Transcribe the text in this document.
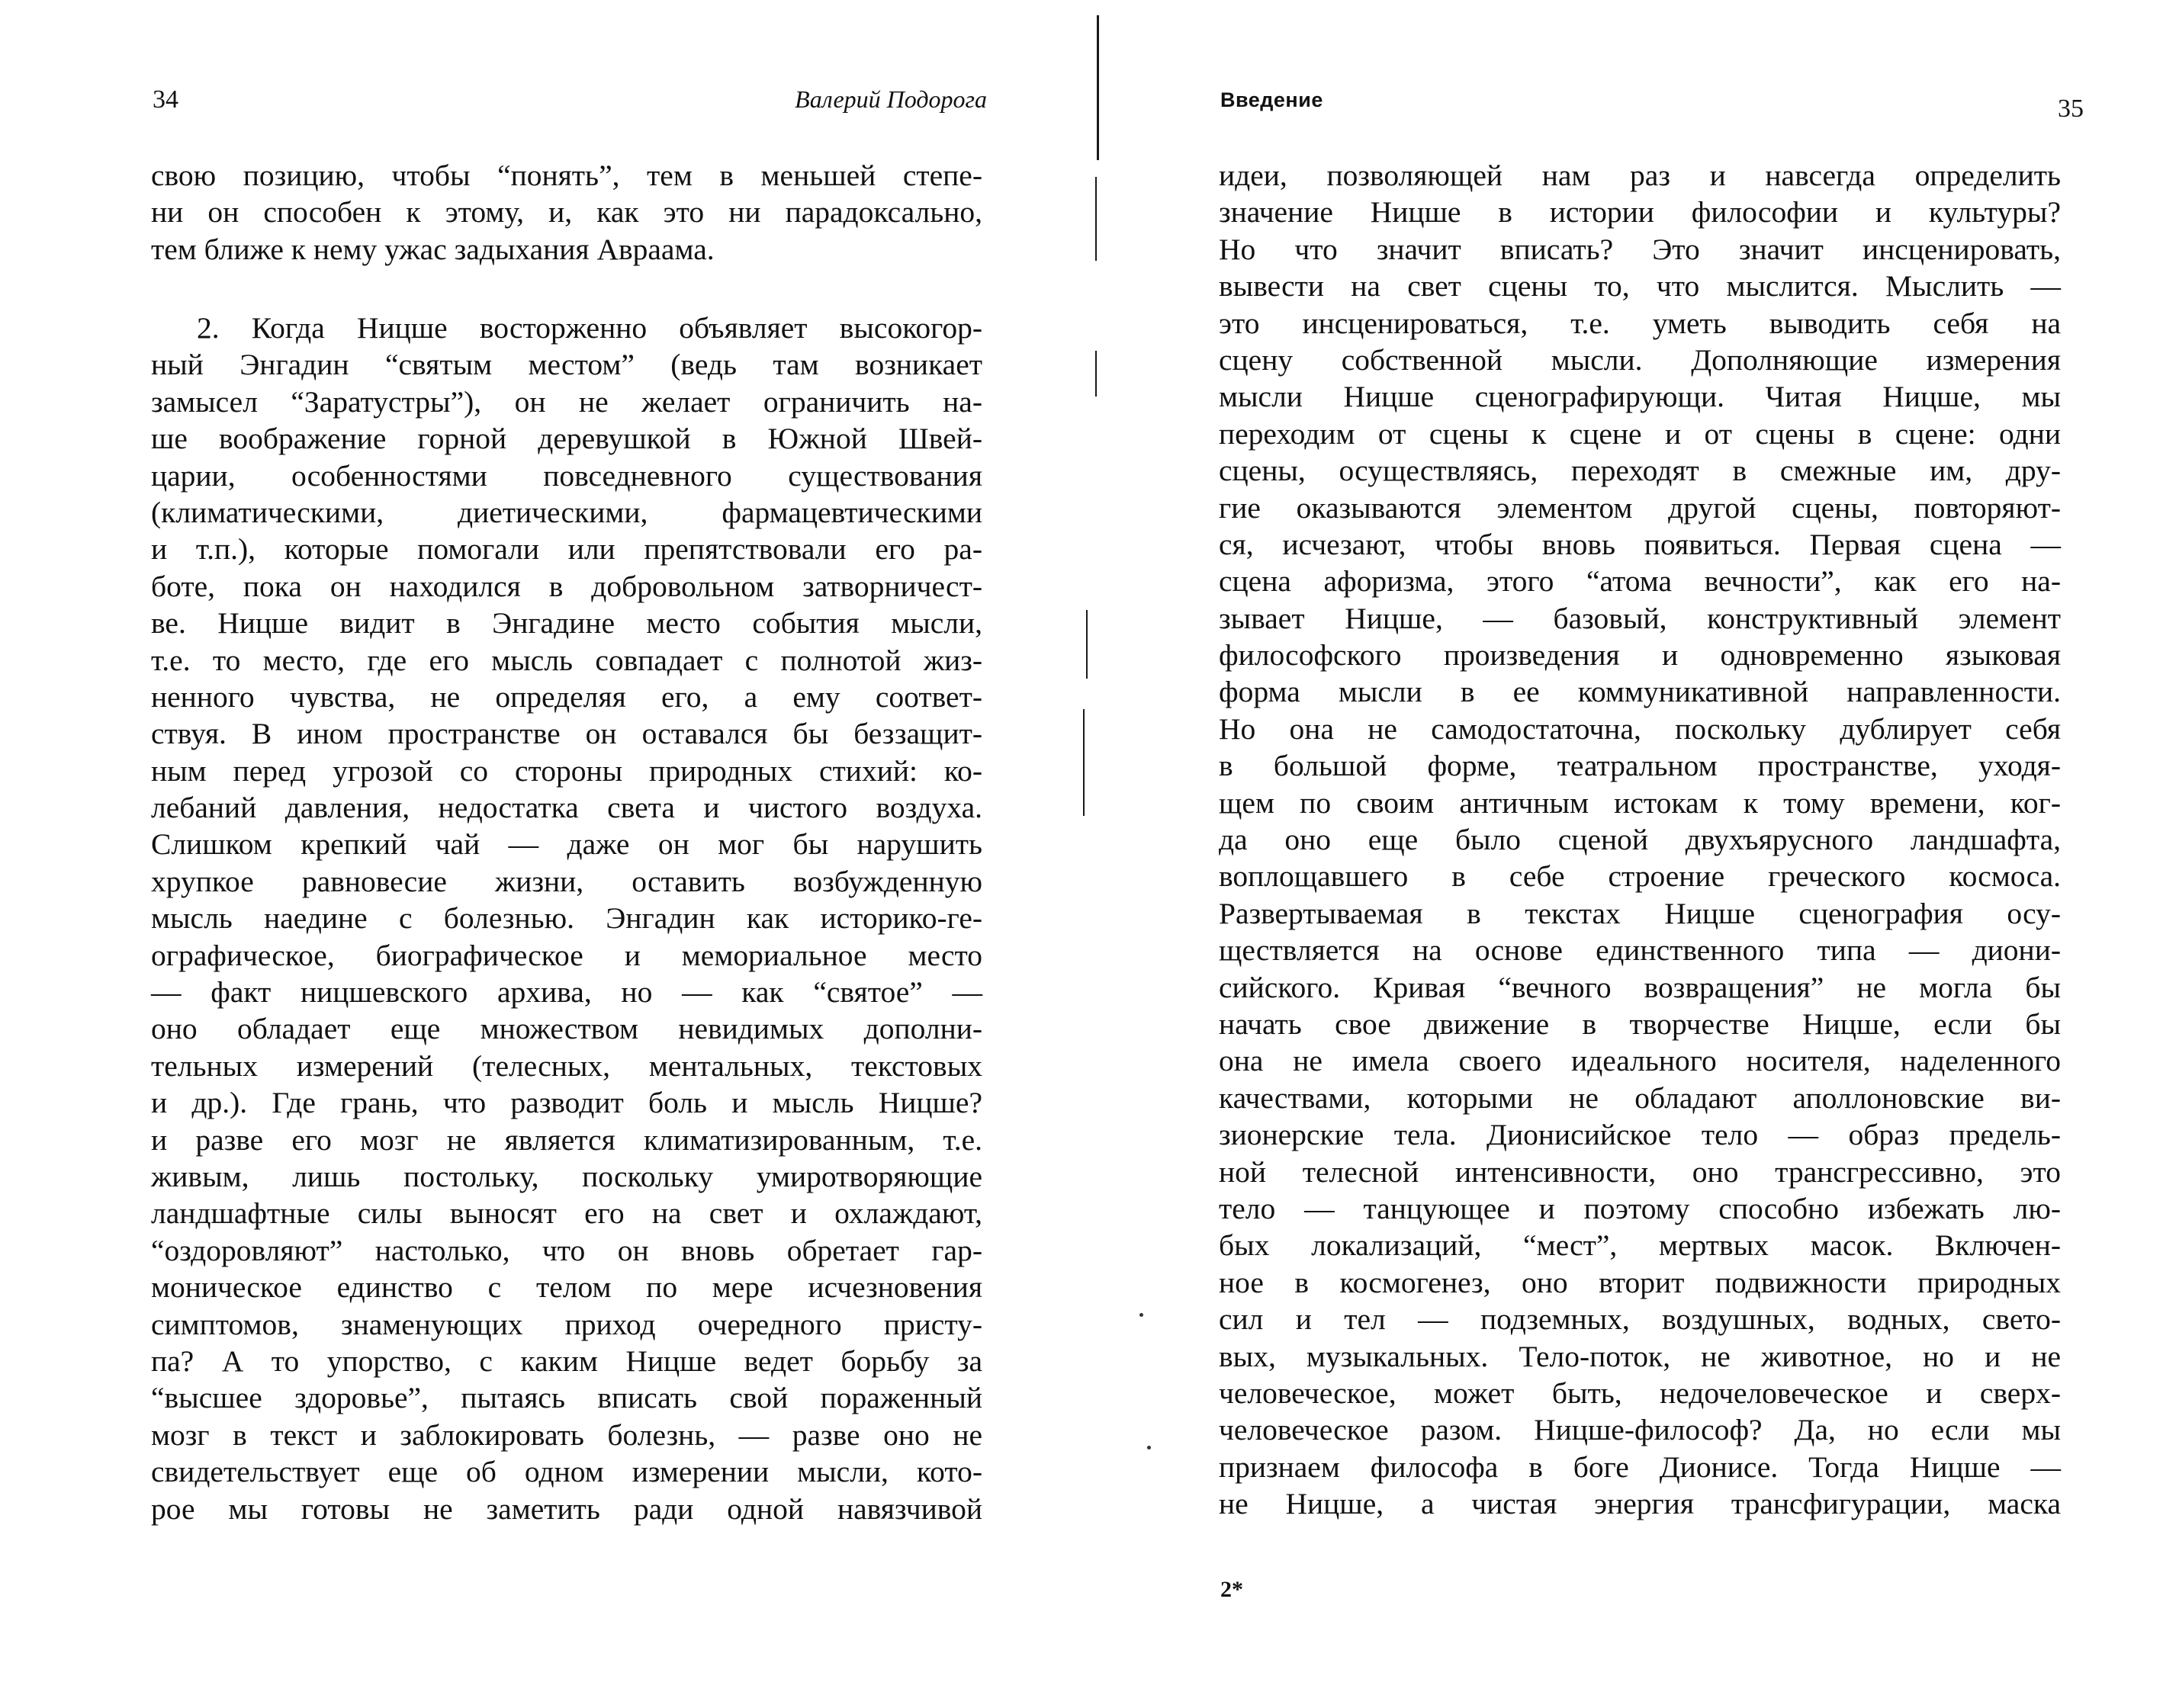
34	Валерий Подорога
свою позицию, чтобы “понять”, тем в меньшей степе-
ни он способен к этому, и, как это ни парадоксально,
тем ближе к нему ужас задыхания Авраама.
2. Когда Ницше восторженно объявляет высокогор-
ный Энгадин “святым местом” (ведь там возникает
замысел “Заратустры”), он не желает ограничить на-
ше воображение горной деревушкой в Южной Швей-
царии, особенностями повседневного существования
(климатическими, диетическими, фармацевтическими
и т.п.), которые помогали или препятствовали его ра-
боте, пока он находился в добровольном затворничест-
ве. Ницше видит в Энгадине место события мысли,
т.е. то место, где его мысль совпадает с полнотой жиз-
ненного чувства, не определяя его, а ему соответ-
ствуя. В ином пространстве он оставался бы беззащит-
ным перед угрозой со стороны природных стихий: ко-
лебаний давления, недостатка света и чистого воздуха.
Слишком крепкий чай — даже он мог бы нарушить
хрупкое равновесие жизни, оставить возбужденную
мысль наедине с болезнью. Энгадин как историко-ге-
ографическое, биографическое и мемориальное место
— факт ницшевского архива, но — как “святое” —
оно обладает еще множеством невидимых дополни-
тельных измерений (телесных, ментальных, текстовых
и др.). Где грань, что разводит боль и мысль Ницше?
и разве его мозг не является климатизированным, т.е.
живым, лишь постольку, поскольку умиротворяющие
ландшафтные силы выносят его на свет и охлаждают,
“оздоровляют” настолько, что он вновь обретает гар-
моническое единство с телом по мере исчезновения
симптомов, знаменующих приход очередного присту-
па? А то упорство, с каким Ницше ведет борьбу за
“высшее здоровье”, пытаясь вписать свой пораженный
мозг в текст и заблокировать болезнь, — разве оно не
свидетельствует еще об одном измерении мысли, кото-
рое мы готовы не заметить ради одной навязчивой
Введение	35
идеи, позволяющей нам раз и навсегда определить
значение Ницше в истории философии и культуры?
Но что значит вписать? Это значит инсценировать,
вывести на свет сцены то, что мыслится. Мыслить —
это инсценироваться, т.е. уметь выводить себя на
сцену собственной мысли. Дополняющие измерения
мысли Ницше сценографирующи. Читая Ницше, мы
переходим от сцены к сцене и от сцены в сцене: одни
сцены, осуществляясь, переходят в смежные им, дру-
гие оказываются элементом другой сцены, повторяют-
ся, исчезают, чтобы вновь появиться. Первая сцена —
сцена афоризма, этого “атома вечности”, как его на-
зывает Ницше, — базовый, конструктивный элемент
философского произведения и одновременно языковая
форма мысли в ее коммуникативной направленности.
Но она не самодостаточна, поскольку дублирует себя
в большой форме, театральном пространстве, уходя-
щем по своим античным истокам к тому времени, ког-
да оно еще было сценой двухъярусного ландшафта,
воплощавшего в себе строение греческого космоса.
Развертываемая в текстах Ницше сценография осу-
ществляется на основе единственного типа — диони-
сийского. Кривая “вечного возвращения” не могла бы
начать свое движение в творчестве Ницше, если бы
она не имела своего идеального носителя, наделенного
качествами, которыми не обладают аполлоновские ви-
зионерские тела. Дионисийское тело — образ предель-
ной телесной интенсивности, оно трансгрессивно, это
тело — танцующее и поэтому способно избежать лю-
бых локализаций, “мест”, мертвых масок. Включен-
ное в космогенез, оно вторит подвижности природных
сил и тел — подземных, воздушных, водных, свето-
вых, музыкальных. Тело-поток, не животное, но и не
человеческое, может быть, недочеловеческое и сверх-
человеческое разом. Ницше-философ? Да, но если мы
признаем философа в боге Дионисе. Тогда Ницше —
не Ницше, а чистая энергия трансфигурации, маска
2*
